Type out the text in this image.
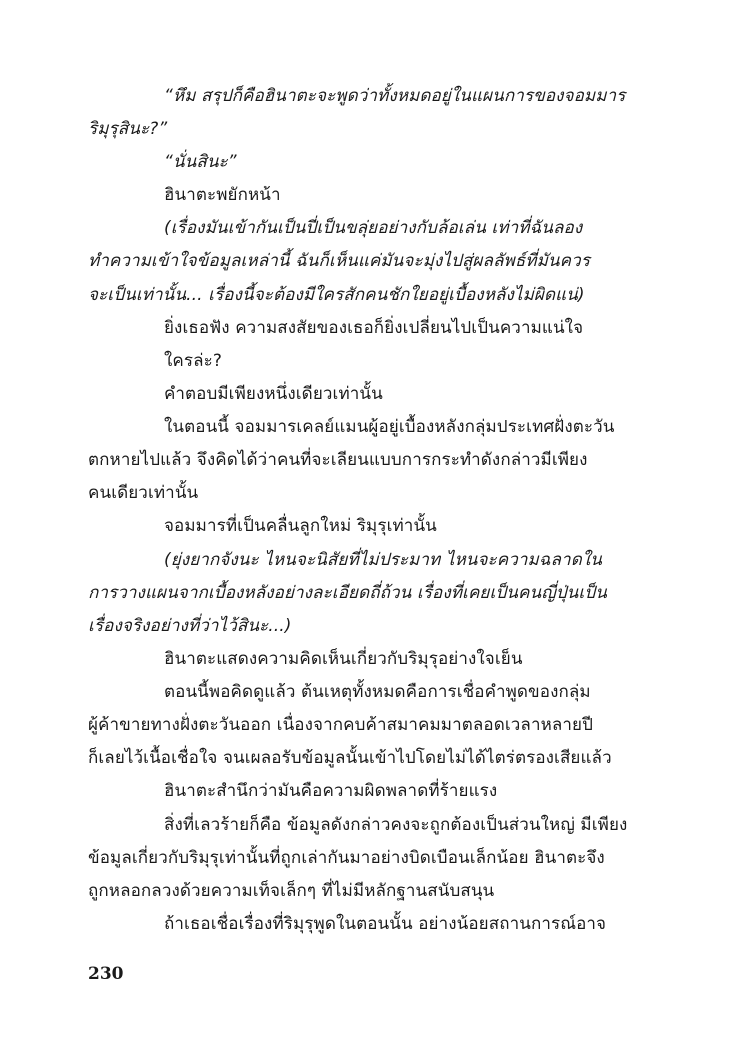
“หึม สรุปก็คือฮินาตะจะพูดว่าทั้งหมดอยู่ในแผนการของจอมมาร
ริมุรุสินะ?”
“นั่นสินะ”
ฮินาตะพยักหน้า
(เรื่องมันเข้ากันเป็นปี่เป็นขลุ่ยอย่างกับล้อเล่น เท่าที่ฉันลอง
ทำความเข้าใจข้อมูลเหล่านี้ ฉันก็เห็นแค่มันจะมุ่งไปสู่ผลลัพธ์ที่มันควร
จะเป็นเท่านั้น... เรื่องนี้จะต้องมีใครสักคนชักใยอยู่เบื้องหลังไม่ผิดแน่)
ยิ่งเธอฟัง ความสงสัยของเธอก็ยิ่งเปลี่ยนไปเป็นความแน่ใจ
ใครล่ะ?
คำตอบมีเพียงหนึ่งเดียวเท่านั้น
ในตอนนี้ จอมมารเคลย์แมนผู้อยู่เบื้องหลังกลุ่มประเทศฝั่งตะวัน
ตกหายไปแล้ว จึงคิดได้ว่าคนที่จะเลียนแบบการกระทำดังกล่าวมีเพียง
คนเดียวเท่านั้น
จอมมารที่เป็นคลื่นลูกใหม่ ริมุรุเท่านั้น
(ยุ่งยากจังนะ ไหนจะนิสัยที่ไม่ประมาท ไหนจะความฉลาดใน
การวางแผนจากเบื้องหลังอย่างละเอียดถี่ถ้วน เรื่องที่เคยเป็นคนญี่ปุ่นเป็น
เรื่องจริงอย่างที่ว่าไว้สินะ...)
ฮินาตะแสดงความคิดเห็นเกี่ยวกับริมุรุอย่างใจเย็น
ตอนนี้พอคิดดูแล้ว ต้นเหตุทั้งหมดคือการเชื่อคำพูดของกลุ่ม
ผู้ค้าขายทางฝั่งตะวันออก เนื่องจากคบค้าสมาคมมาตลอดเวลาหลายปี
ก็เลยไว้เนื้อเชื่อใจ จนเผลอรับข้อมูลนั้นเข้าไปโดยไม่ได้ไตร่ตรองเสียแล้ว
ฮินาตะสำนึกว่ามันคือความผิดพลาดที่ร้ายแรง
สิ่งที่เลวร้ายก็คือ ข้อมูลดังกล่าวคงจะถูกต้องเป็นส่วนใหญ่ มีเพียง
ข้อมูลเกี่ยวกับริมุรุเท่านั้นที่ถูกเล่ากันมาอย่างบิดเบือนเล็กน้อย ฮินาตะจึง
ถูกหลอกลวงด้วยความเท็จเล็กๆ ที่ไม่มีหลักฐานสนับสนุน
ถ้าเธอเชื่อเรื่องที่ริมุรุพูดในตอนนั้น อย่างน้อยสถานการณ์อาจ
230
